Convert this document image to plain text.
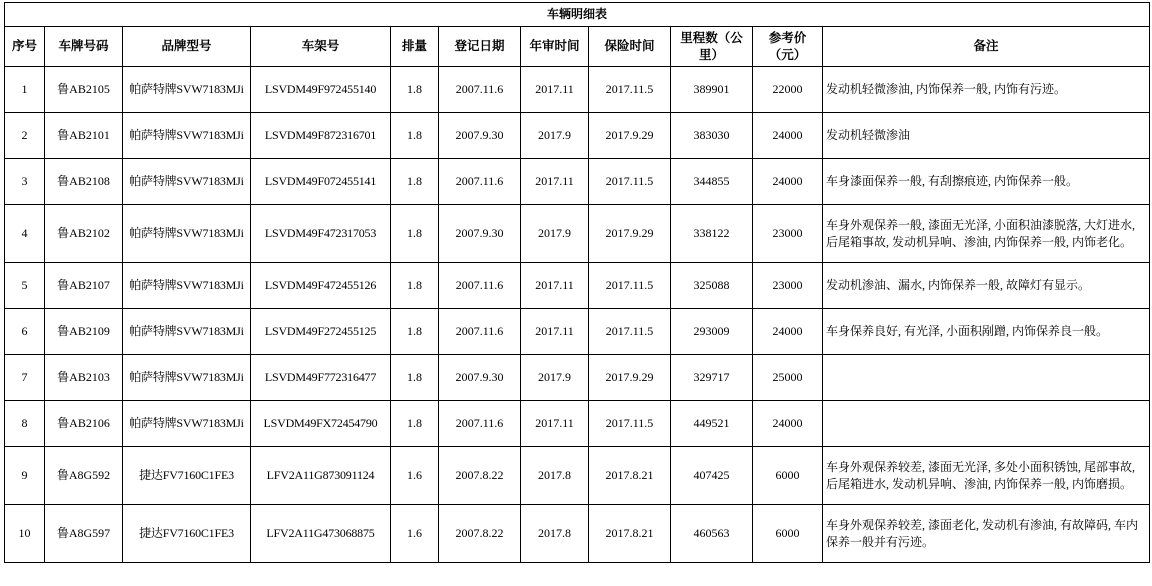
车辆明细表										
序号	车牌号码	品牌型号	车架号	排量	登记日期	年审时间	保险时间	里程数（公里）	参考价（元）	备注
1	鲁AB2105	帕萨特牌SVW7183MJi	LSVDM49F972455140	1.8	2007.11.6	2017.11	2017.11.5	389901	22000	发动机轻微渗油, 内饰保养一般, 内饰有污迹。
2	鲁AB2101	帕萨特牌SVW7183MJi	LSVDM49F872316701	1.8	2007.9.30	2017.9	2017.9.29	383030	24000	发动机轻微渗油
3	鲁AB2108	帕萨特牌SVW7183MJi	LSVDM49F072455141	1.8	2007.11.6	2017.11	2017.11.5	344855	24000	车身漆面保养一般, 有刮擦痕迹, 内饰保养一般。
4	鲁AB2102	帕萨特牌SVW7183MJi	LSVDM49F472317053	1.8	2007.9.30	2017.9	2017.9.29	338122	23000	车身外观保养一般, 漆面无光泽, 小面积油漆脱落, 大灯进水, 后尾箱事故, 发动机异响、渗油, 内饰保养一般, 内饰老化。
5	鲁AB2107	帕萨特牌SVW7183MJi	LSVDM49F472455126	1.8	2007.11.6	2017.11	2017.11.5	325088	23000	发动机渗油、漏水, 内饰保养一般, 故障灯有显示。
6	鲁AB2109	帕萨特牌SVW7183MJi	LSVDM49F272455125	1.8	2007.11.6	2017.11	2017.11.5	293009	24000	车身保养良好, 有光泽, 小面积剐蹭, 内饰保养良一般。
7	鲁AB2103	帕萨特牌SVW7183MJi	LSVDM49F772316477	1.8	2007.9.30	2017.9	2017.9.29	329717	25000	
8	鲁AB2106	帕萨特牌SVW7183MJi	LSVDM49FX72454790	1.8	2007.11.6	2017.11	2017.11.5	449521	24000	
9	鲁A8G592	捷达FV7160C1FE3	LFV2A11G873091124	1.6	2007.8.22	2017.8	2017.8.21	407425	6000	车身外观保养较差, 漆面无光泽, 多处小面积锈蚀, 尾部事故, 后尾箱进水, 发动机异响、渗油, 内饰保养一般, 内饰磨损。
10	鲁A8G597	捷达FV7160C1FE3	LFV2A11G473068875	1.6	2007.8.22	2017.8	2017.8.21	460563	6000	车身外观保养较差, 漆面老化, 发动机有渗油, 有故障码, 车内保养一般并有污迹。
